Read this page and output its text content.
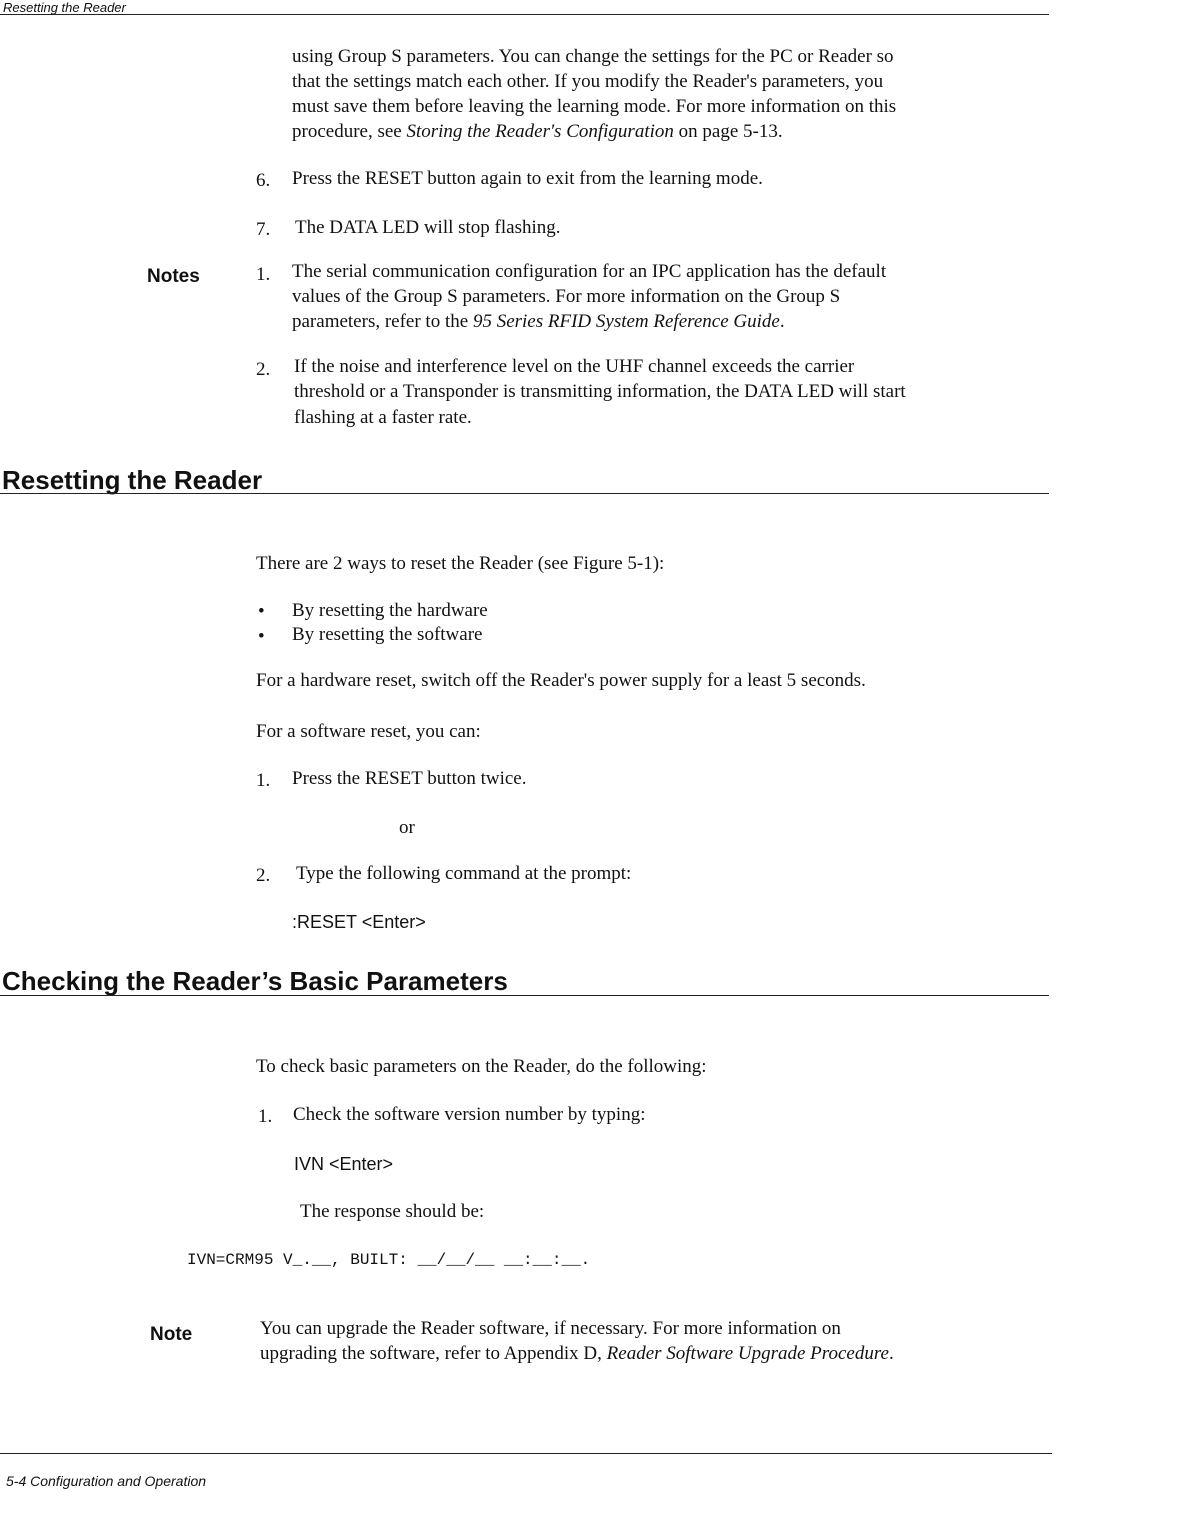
Resetting the Reader
using Group S parameters. You can change the settings for the PC or Reader so
that the settings match each other. If you modify the Reader's parameters, you
must save them before leaving the learning mode. For more information on this
procedure, see Storing the Reader's Configuration on page 5-13.
6. Press the RESET button again to exit from the learning mode.
7. The DATA LED will stop flashing.
Notes	1. The serial communication configuration for an IPC application has the default
values of the Group S parameters. For more information on the Group S
parameters, refer to the 95 Series RFID System Reference Guide.
2. If the noise and interference level on the UHF channel exceeds the carrier
threshold or a Transponder is transmitting information, the DATA LED will start
flashing at a faster rate.
Resetting the Reader
There are 2 ways to reset the Reader (see Figure 5-1):
• By resetting the hardware
• By resetting the software
For a hardware reset, switch off the Reader's power supply for a least 5 seconds.
For a software reset, you can:
1. Press the RESET button twice.
or
2. Type the following command at the prompt:
:RESET <Enter>
Checking the Reader’s Basic Parameters
To check basic parameters on the Reader, do the following:
1. Check the software version number by typing:
IVN <Enter>
The response should be:
IVN=CRM95 V_.__, BUILT: __/__/__ __:__:__.
Note	You can upgrade the Reader software, if necessary. For more information on
upgrading the software, refer to Appendix D, Reader Software Upgrade Procedure.
5-4 Configuration and Operation
